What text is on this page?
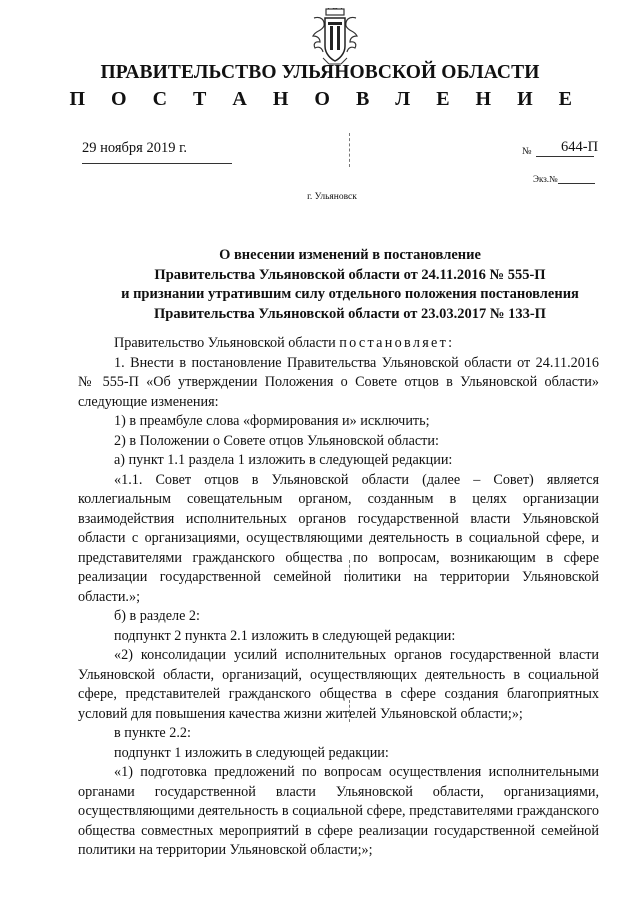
ПРАВИТЕЛЬСТВО УЛЬЯНОВСКОЙ ОБЛАСТИ
П О С Т А Н О В Л Е Н И Е
29 ноября 2019 г.	№ 644-П
Экз.№
г. Ульяновск
О внесении изменений в постановление
Правительства Ульяновской области от 24.11.2016 № 555-П
и признании утратившим силу отдельного положения постановления
Правительства Ульяновской области от 23.03.2017 № 133-П

Правительство Ульяновской области постановляет:

1. Внести в постановление Правительства Ульяновской области от 24.11.2016 № 555-П «Об утверждении Положения о Совете отцов в Ульяновской области» следующие изменения:

1) в преамбуле слова «формирования и» исключить;

2) в Положении о Совете отцов Ульяновской области:

а) пункт 1.1 раздела 1 изложить в следующей редакции:

«1.1. Совет отцов в Ульяновской области (далее – Совет) является коллегиальным совещательным органом, созданным в целях организации взаимодействия исполнительных органов государственной власти Ульяновской области с организациями, осуществляющими деятельность в социальной сфере, и представителями гражданского общества по вопросам, возникающим в сфере реализации государственной семейной политики на территории Ульяновской области.»;

б) в разделе 2:

подпункт 2 пункта 2.1 изложить в следующей редакции:

«2) консолидации усилий исполнительных органов государственной власти Ульяновской области, организаций, осуществляющих деятельность в социальной сфере, представителей гражданского общества в сфере создания благоприятных условий для повышения качества жизни жителей Ульяновской области;»;

в пункте 2.2:

подпункт 1 изложить в следующей редакции:

«1) подготовка предложений по вопросам осуществления исполнительными органами государственной власти Ульяновской области, организациями, осуществляющими деятельность в социальной сфере, представителями гражданского общества совместных мероприятий в сфере реализации государственной семейной политики на территории Ульяновской области;»;
